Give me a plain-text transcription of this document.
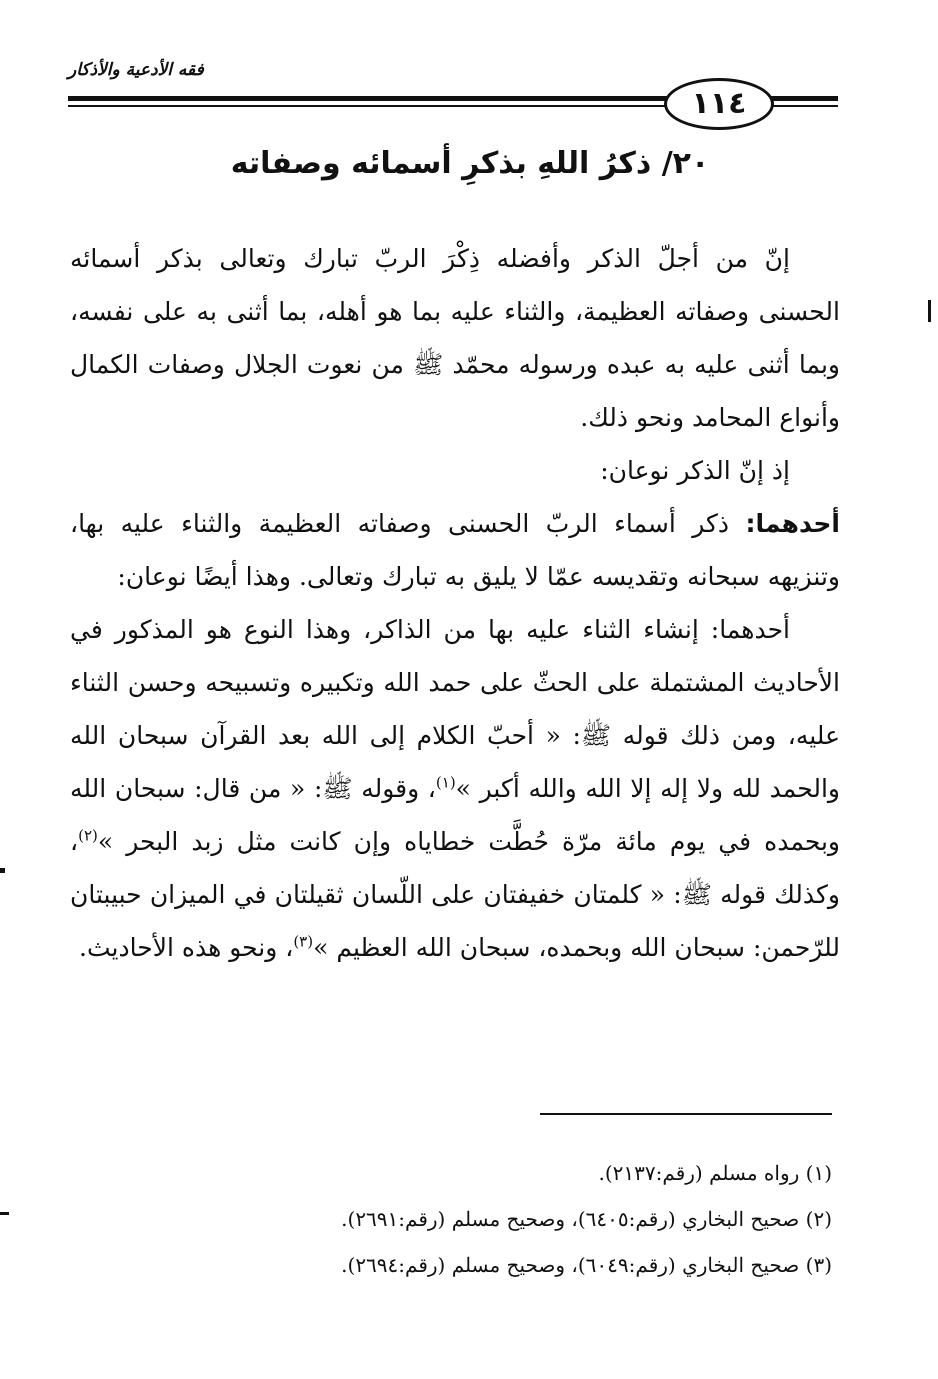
فقه الأدعية والأذكار
١١٤
٢٠/ ذكرُ اللهِ بذكرِ أسمائه وصفاته

إنّ من أجلّ الذكر وأفضله ذِكْرَ الربّ تبارك وتعالى بذكر أسمائه الحسنى وصفاته العظيمة، والثناء عليه بما هو أهله، بما أثنى به على نفسه، وبما أثنى عليه به عبده ورسوله محمّد ﷺ من نعوت الجلال وصفات الكمال وأنواع المحامد ونحو ذلك.

إذ إنّ الذكر نوعان:

أحدهما: ذكر أسماء الربّ الحسنى وصفاته العظيمة والثناء عليه بها، وتنزيهه سبحانه وتقديسه عمّا لا يليق به تبارك وتعالى. وهذا أيضًا نوعان:

أحدهما: إنشاء الثناء عليه بها من الذاكر، وهذا النوع هو المذكور في الأحاديث المشتملة على الحثّ على حمد الله وتكبيره وتسبيحه وحسن الثناء عليه، ومن ذلك قوله ﷺ: « أحبّ الكلام إلى الله بعد القرآن سبحان الله والحمد لله ولا إله إلا الله والله أكبر »$^{(١)}$، وقوله ﷺ: « من قال: سبحان الله وبحمده في يوم مائة مرّة حُطَّت خطاياه وإن كانت مثل زبد البحر »$^{(٢)}$، وكذلك قوله ﷺ: « كلمتان خفيفتان على اللّسان ثقيلتان في الميزان حبيبتان للرّحمن: سبحان الله وبحمده، سبحان الله العظيم »$^{(٣)}$، ونحو هذه الأحاديث.

(١) رواه مسلم (رقم:٢١٣٧).
(٢) صحيح البخاري (رقم:٦٤٠٥)، وصحيح مسلم (رقم:٢٦٩١).
(٣) صحيح البخاري (رقم:٦٠٤٩)، وصحيح مسلم (رقم:٢٦٩٤).
